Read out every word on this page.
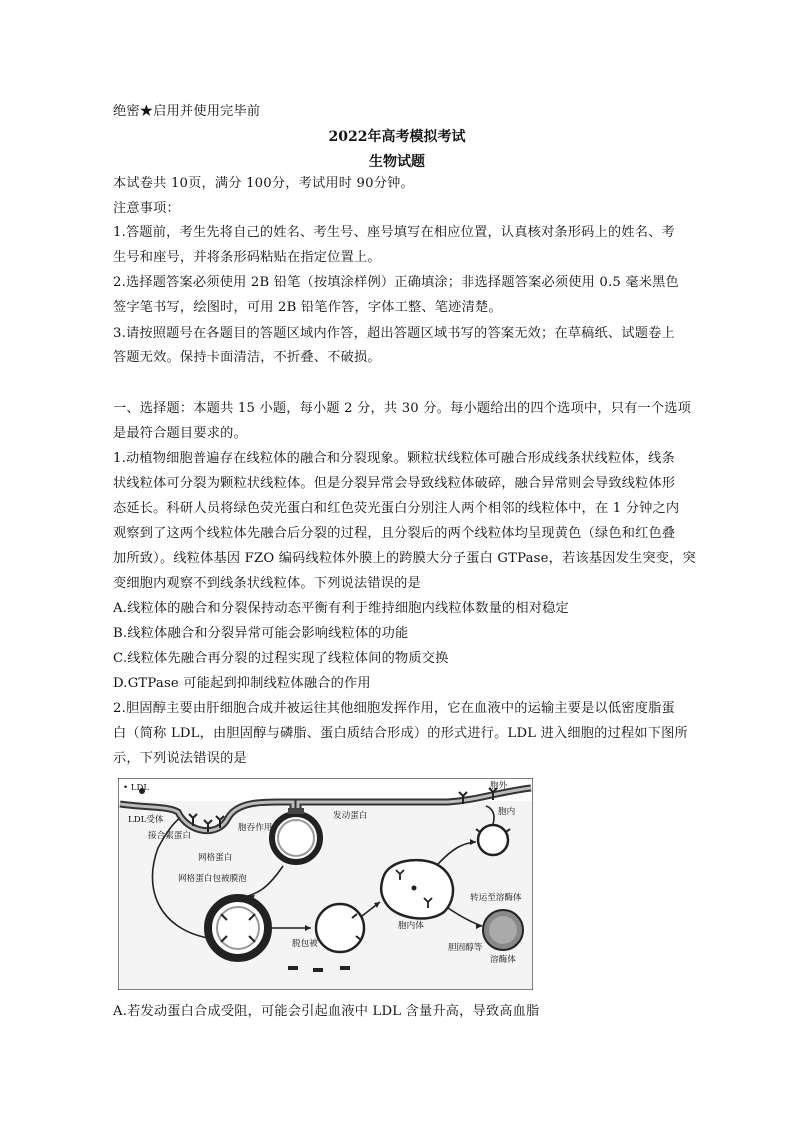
绝密★启用并使用完毕前
2022年高考模拟考试
生物试题
本试卷共 10页，满分 100分，考试用时 90分钟。
注意事项：
1.答题前，考生先将自己的姓名、考生号、座号填写在相应位置，认真核对条形码上的姓名、考
生号和座号，并将条形码粘贴在指定位置上。
2.选择题答案必须使用 2B 铅笔（按填涂样例）正确填涂；非选择题答案必须使用 0.5 毫米黑色
签字笔书写，绘图时，可用 2B 铅笔作答，字体工整、笔迹清楚。
3.请按照题号在各题目的答题区域内作答，超出答题区域书写的答案无效；在草稿纸、试题卷上
答题无效。保持卡面清洁，不折叠、不破损。
一、选择题：本题共 15 小题，每小题 2 分，共 30 分。每小题给出的四个选项中，只有一个选项
是最符合题目要求的。
1.动植物细胞普遍存在线粒体的融合和分裂现象。颗粒状线粒体可融合形成线条状线粒体，线条
状线粒体可分裂为颗粒状线粒体。但是分裂异常会导致线粒体破碎，融合异常则会导致线粒体形
态延长。科研人员将绿色荧光蛋白和红色荧光蛋白分别注人两个相邻的线粒体中，在 1 分钟之内
观察到了这两个线粒体先融合后分裂的过程，且分裂后的两个线粒体均呈现黄色（绿色和红色叠
加所致）。线粒体基因 FZO 编码线粒体外膜上的跨膜大分子蛋白 GTPase，若该基因发生突变，突
变细胞内观察不到线条状线粒体。下列说法错误的是
A.线粒体的融合和分裂保持动态平衡有利于维持细胞内线粒体数量的相对稳定
B.线粒体融合和分裂异常可能会影响线粒体的功能
C.线粒体先融合再分裂的过程实现了线粒体间的物质交换
D.GTPase 可能起到抑制线粒体融合的作用
2.胆固醇主要由肝细胞合成并被运往其他细胞发挥作用，它在血液中的运输主要是以低密度脂蛋
白（简称 LDL，由胆固醇与磷脂、蛋白质结合形成）的形式进行。LDL 进入细胞的过程如下图所
示，下列说法错误的是
• LDL	胞外
胞内
LDL受体
接合素蛋白
胞吞作用
网格蛋白
网格蛋白包被膜泡
发动蛋白
脱包被
胞内体
转运至溶酶体
胆固醇等
溶酶体
A.若发动蛋白合成受阻，可能会引起血液中 LDL 含量升高，导致高血脂
